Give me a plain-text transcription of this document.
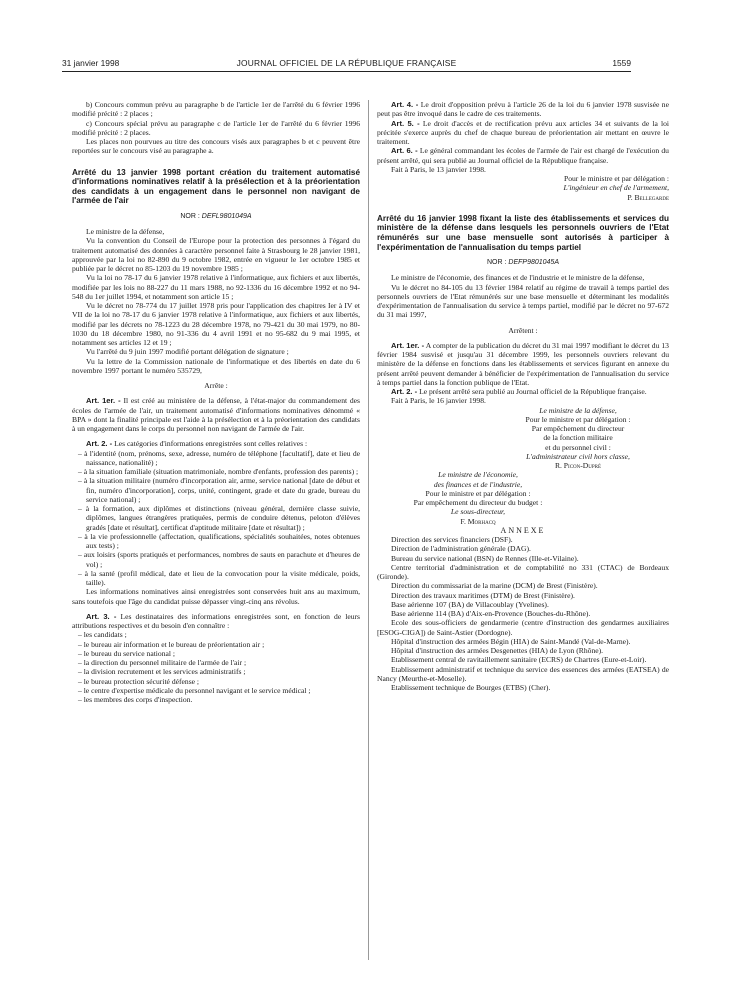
31 janvier 1998	JOURNAL OFFICIEL DE LA RÉPUBLIQUE FRANÇAISE	1559

b) Concours commun prévu au paragraphe b de l'article 1er de l'arrêté du 6 février 1996 modifié précité : 2 places ;

c) Concours spécial prévu au paragraphe c de l'article 1er de l'arrêté du 6 février 1996 modifié précité : 2 places.

Les places non pourvues au titre des concours visés aux paragraphes b et c peuvent être reportées sur le concours visé au paragraphe a.

Arrêté du 13 janvier 1998 portant création du traitement automatisé d'informations nominatives relatif à la présélection et à la préorientation des candidats à un engagement dans le personnel non navigant de l'armée de l'air
NOR : DEFL9801049A

Le ministre de la défense,

Vu la convention du Conseil de l'Europe pour la protection des personnes à l'égard du traitement automatisé des données à caractère personnel faite à Strasbourg le 28 janvier 1981, approuvée par la loi no 82-890 du 9 octobre 1982, entrée en vigueur le 1er octobre 1985 et publiée par le décret no 85-1203 du 19 novembre 1985 ;

Vu la loi no 78-17 du 6 janvier 1978 relative à l'informatique, aux fichiers et aux libertés, modifiée par les lois no 88-227 du 11 mars 1988, no 92-1336 du 16 décembre 1992 et no 94-548 du 1er juillet 1994, et notamment son article 15 ;

Vu le décret no 78-774 du 17 juillet 1978 pris pour l'application des chapitres Ier à IV et VII de la loi no 78-17 du 6 janvier 1978 relative à l'informatique, aux fichiers et aux libertés, modifié par les décrets no 78-1223 du 28 décembre 1978, no 79-421 du 30 mai 1979, no 80-1030 du 18 décembre 1980, no 91-336 du 4 avril 1991 et no 95-682 du 9 mai 1995, et notamment ses articles 12 et 19 ;

Vu l'arrêté du 9 juin 1997 modifié portant délégation de signature ;

Vu la lettre de la Commission nationale de l'informatique et des libertés en date du 6 novembre 1997 portant le numéro 535729,

Arrête :

Art. 1er. - Il est créé au ministère de la défense, à l'état-major du commandement des écoles de l'armée de l'air, un traitement automatisé d'informations nominatives dénommé « BPA » dont la finalité principale est l'aide à la présélection et à la préorientation des candidats à un engagement dans le corps du personnel non navigant de l'armée de l'air.

Art. 2. - Les catégories d'informations enregistrées sont celles relatives :

– à l'identité (nom, prénoms, sexe, adresse, numéro de téléphone [facultatif], date et lieu de naissance, nationalité) ;

– à la situation familiale (situation matrimoniale, nombre d'enfants, profession des parents) ;

– à la situation militaire (numéro d'incorporation air, arme, service national [date de début et fin, numéro d'incorporation], corps, unité, contingent, grade et date du grade, bureau du service national) ;

– à la formation, aux diplômes et distinctions (niveau général, dernière classe suivie, diplômes, langues étrangères pratiquées, permis de conduire détenus, peloton d'élèves gradés [date et résultat], certificat d'aptitude militaire [date et résultat]) ;

– à la vie professionnelle (affectation, qualifications, spécialités souhaitées, notes obtenues aux tests) ;

– aux loisirs (sports pratiqués et performances, nombres de sauts en parachute et d'heures de vol) ;

– à la santé (profil médical, date et lieu de la convocation pour la visite médicale, poids, taille).

Les informations nominatives ainsi enregistrées sont conservées huit ans au maximum, sans toutefois que l'âge du candidat puisse dépasser vingt-cinq ans révolus.

Art. 3. - Les destinataires des informations enregistrées sont, en fonction de leurs attributions respectives et du besoin d'en connaître :

– les candidats ;

– le bureau air information et le bureau de préorientation air ;

– le bureau du service national ;

– la direction du personnel militaire de l'armée de l'air ;

– la division recrutement et les services administratifs ;

– le bureau protection sécurité défense ;

– le centre d'expertise médicale du personnel navigant et le service médical ;

– les membres des corps d'inspection.

Art. 4. - Le droit d'opposition prévu à l'article 26 de la loi du 6 janvier 1978 susvisée ne peut pas être invoqué dans le cadre de ces traitements.

Art. 5. - Le droit d'accès et de rectification prévu aux articles 34 et suivants de la loi précitée s'exerce auprès du chef de chaque bureau de préorientation air mettant en œuvre le traitement.

Art. 6. - Le général commandant les écoles de l'armée de l'air est chargé de l'exécution du présent arrêté, qui sera publié au Journal officiel de la République française.

Fait à Paris, le 13 janvier 1998.

Pour le ministre et par délégation :

L'ingénieur en chef de l'armement,

P. Bellegarde

Arrêté du 16 janvier 1998 fixant la liste des établissements et services du ministère de la défense dans lesquels les personnels ouvriers de l'Etat rémunérés sur une base mensuelle sont autorisés à participer à l'expérimentation de l'annualisation du temps partiel
NOR : DEFP9801045A

Le ministre de l'économie, des finances et de l'industrie et le ministre de la défense,

Vu le décret no 84-105 du 13 février 1984 relatif au régime de travail à temps partiel des personnels ouvriers de l'Etat rémunérés sur une base mensuelle et déterminant les modalités d'expérimentation de l'annualisation du service à temps partiel, modifié par le décret no 97-672 du 31 mai 1997,

Arrêtent :

Art. 1er. - A compter de la publication du décret du 31 mai 1997 modifiant le décret du 13 février 1984 susvisé et jusqu'au 31 décembre 1999, les personnels ouvriers relevant du ministère de la défense en fonctions dans les établissements et services figurant en annexe du présent arrêté peuvent demander à bénéficier de l'expérimentation de l'annualisation du service à temps partiel dans la fonction publique de l'Etat.

Art. 2. - Le présent arrêté sera publié au Journal officiel de la République française.

Fait à Paris, le 16 janvier 1998.

Le ministre de la défense,

Pour le ministre et par délégation :

Par empêchement du directeur

de la fonction militaire

et du personnel civil :

L'administrateur civil hors classe,

R. Picon-Dupré

Le ministre de l'économie,

des finances et de l'industrie,

Pour le ministre et par délégation :

Par empêchement du directeur du budget :

Le sous-directeur,

F. Morhacq

ANNEXE

Direction des services financiers (DSF).

Direction de l'administration générale (DAG).

Bureau du service national (BSN) de Rennes (Ille-et-Vilaine).

Centre territorial d'administration et de comptabilité no 331 (CTAC) de Bordeaux (Gironde).

Direction du commissariat de la marine (DCM) de Brest (Finistère).

Direction des travaux maritimes (DTM) de Brest (Finistère).

Base aérienne 107 (BA) de Villacoublay (Yvelines).

Base aérienne 114 (BA) d'Aix-en-Provence (Bouches-du-Rhône).

Ecole des sous-officiers de gendarmerie (centre d'instruction des gendarmes auxiliaires [ESOG-CIGA]) de Saint-Astier (Dordogne).

Hôpital d'instruction des armées Bégin (HIA) de Saint-Mandé (Val-de-Marne).

Hôpital d'instruction des armées Desgenettes (HIA) de Lyon (Rhône).

Etablissement central de ravitaillement sanitaire (ECRS) de Chartres (Eure-et-Loir).

Etablissement administratif et technique du service des essences des armées (EATSEA) de Nancy (Meurthe-et-Moselle).

Etablissement technique de Bourges (ETBS) (Cher).
